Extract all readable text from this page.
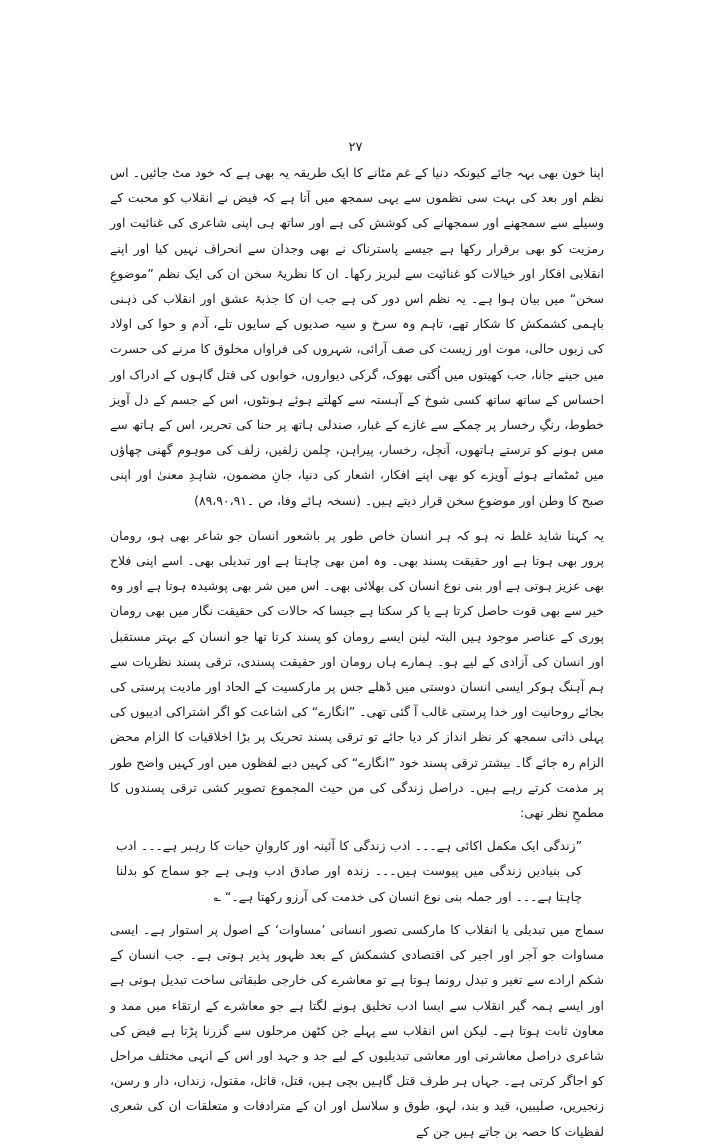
۲۷

اپنا خون بھی بہہ جائے کیونکہ دنیا کے غم مٹانے کا ایک طریقہ یہ بھی ہے کہ خود مٹ جائیں۔ اس نظم اور بعد کی بہت سی نظموں سے یہی سمجھ میں آتا ہے کہ فیض نے انقلاب کو محبت کے وسیلے سے سمجھنے اور سمجھانے کی کوشش کی ہے اور ساتھ ہی اپنی شاعری کی غنائیت اور رمزیت کو بھی برقرار رکھا ہے جیسے پاسترناک نے بھی وجدان سے انحراف نہیں کیا اور اپنے انقلابی افکار اور خیالات کو غنائیت سے لبریز رکھا۔ ان کا نظریۂ سخن ان کی ایک نظم ”موضوعِ سخن“ میں بیان ہوا ہے۔ یہ نظم اس دور کی ہے جب ان کا جذبۂ عشق اور انقلاب کی ذہنی باہمی کشمکش کا شکار تھے، تاہم وہ سرخ و سیہ صدیوں کے سایوں تلے، آدم و حوا کی اولاد کی زبوں حالی، موت اور زیست کی صف آرائی، شہروں کی فراواں مخلوق کا مرنے کی حسرت میں جینے جانا، جب کھیتوں میں اُگتی بھوک، گرکی دیواروں، خوابوں کی قتل گاہوں کے ادراک اور احساس کے ساتھ ساتھ کسی شوخ کے آہستہ سے کھلتے ہوئے ہونٹوں، اس کے جسم کے دل آویز خطوط، رنگِ رخسار پر چمکے سے غازے کے غبار، صندلی ہاتھ پر حنا کی تحریر، اس کے ہاتھ سے مس ہونے کو ترستے ہاتھوں، آنچل، رخسار، پیراہن، چلمن زلفیں، زلف کی موہوم گھنی چھاؤں میں ٹمٹماتے ہوئے آویزے کو بھی اپنے افکار، اشعار کی دنیا، جانِ مضمون، شاہدِ معنیٰ اور اپنی صبح کا وطن اور موضوعِ سخن قرار دیتے ہیں۔ (نسخہ ہائے وفا، ص ۔۸۹،۹۰،۹۱)

یہ کہنا شاید غلط نہ ہو کہ ہر انسان خاص طور پر باشعور انسان جو شاعر بھی ہو، رومان پرور بھی ہوتا ہے اور حقیقت پسند بھی۔ وہ امن بھی چاہتا ہے اور تبدیلی بھی۔ اسے اپنی فلاح بھی عزیز ہوتی ہے اور بنی نوع انسان کی بھلائی بھی۔ اس میں شر بھی پوشیدہ ہوتا ہے اور وہ خیر سے بھی قوت حاصل کرتا ہے یا کر سکتا ہے جیسا کہ حالات کی حقیقت نگار میں بھی رومان پوری کے عناصر موجود ہیں البتہ لینن ایسے رومان کو پسند کرتا تھا جو انسان کے بہتر مستقبل اور انسان کی آزادی کے لیے ہو۔ ہمارے ہاں رومان اور حقیقت پسندی، ترقی پسند نظریات سے ہم آہنگ ہوکر ایسی انسان دوستی میں ڈھلے جس پر مارکسیت کے الحاد اور مادیت پرستی کی بجائے روحانیت اور خدا پرستی غالب آ گئی تھی۔ ”انگارے“ کی اشاعت کو اگر اشتراکی ادیبوں کی پہلی ذاتی سمجھ کر نظر انداز کر دیا جائے تو ترقی پسند تحریک پر بڑا اخلاقیات کا الزام محض الزام رہ جائے گا۔ بیشتر ترقی پسند خود ”انگارے“ کی کہیں دبے لفظوں میں اور کہیں واضح طور پر مذمت کرتے رہے ہیں۔ دراصل زندگی کی من حیث المجموع تصویر کشی ترقی پسندوں کا مطمحِ نظر تھی:

”زندگی ایک مکمل اکائی ہے۔۔۔ ادب زندگی کا آئینہ اور کاروانِ حیات کا رہبر ہے۔۔۔ ادب کی بنیادیں زندگی میں پیوست ہیں۔۔۔ زندہ اور صادق ادب وہی ہے جو سماج کو بدلنا چاہتا ہے۔۔۔ اور جملہ بنی نوع انسان کی خدمت کی آرزو رکھتا ہے۔“ ؎

سماج میں تبدیلی یا انقلاب کا مارکسی تصور انسانی ’مساوات‘ کے اصول پر استوار ہے۔ ایسی مساوات جو آجر اور اجیر کی اقتصادی کشمکش کے بعد ظہور پذیر ہوتی ہے۔ جب انسان کے شکم ارادے سے تغیر و تبدل رونما ہوتا ہے تو معاشرے کی خارجی طبقاتی ساخت تبدیل ہوتی ہے اور ایسے ہمہ گیر انقلاب سے ایسا ادب تخلیق ہونے لگتا ہے جو معاشرے کے ارتقاء میں ممد و معاون ثابت ہوتا ہے۔ لیکن اس انقلاب سے پہلے جن کٹھن مرحلوں سے گزرنا پڑتا ہے فیض کی شاعری دراصل معاشرتی اور معاشی تبدیلیوں کے لیے جد و جہد اور اس کے انہی مختلف مراحل کو اجاگر کرتی ہے۔ جہاں ہر طرف قتل گاہیں بچی ہیں، قتل، قاتل، مقتول، زنداں، دار و رسن، زنجیریں، صلیبیں، قید و بند، لہو، طوق و سلاسل اور ان کے مترادفات و متعلقات ان کی شعری لفظیات کا حصہ بن جاتے ہیں جن کے
